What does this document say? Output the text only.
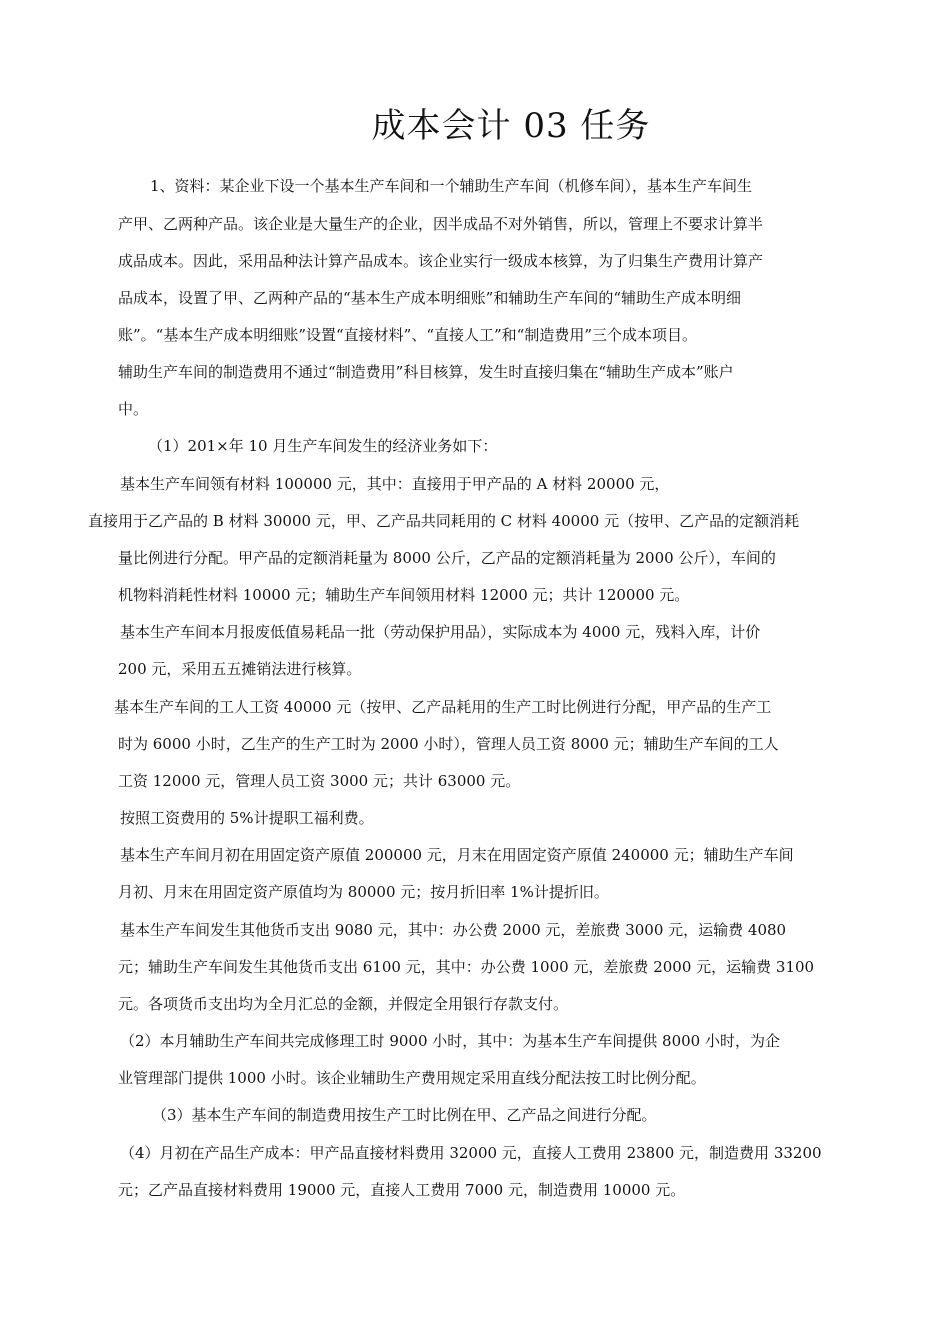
成本会计 03 任务

1、资料：某企业下设一个基本生产车间和一个辅助生产车间（机修车间），基本生产车间生

产甲、乙两种产品。该企业是大量生产的企业，因半成品不对外销售，所以，管理上不要求计算半

成品成本。因此，采用品种法计算产品成本。该企业实行一级成本核算，为了归集生产费用计算产

品成本，设置了甲、乙两种产品的“基本生产成本明细账”和辅助生产车间的“辅助生产成本明细

账”。“基本生产成本明细账”设置“直接材料”、“直接人工”和“制造费用”三个成本项目。

辅助生产车间的制造费用不通过“制造费用”科目核算，发生时直接归集在“辅助生产成本”账户

中。

（1）201×年 10 月生产车间发生的经济业务如下：

基本生产车间领有材料 100000 元，其中：直接用于甲产品的 A 材料 20000 元，

直接用于乙产品的 B 材料 30000 元，甲、乙产品共同耗用的 C 材料 40000 元（按甲、乙产品的定额消耗

量比例进行分配。甲产品的定额消耗量为 8000 公斤，乙产品的定额消耗量为 2000 公斤），车间的

机物料消耗性材料 10000 元；辅助生产车间领用材料 12000 元；共计 120000 元。

基本生产车间本月报废低值易耗品一批（劳动保护用品），实际成本为 4000 元，残料入库，计价

200 元，采用五五摊销法进行核算。

基本生产车间的工人工资 40000 元（按甲、乙产品耗用的生产工时比例进行分配，甲产品的生产工

时为 6000 小时，乙生产的生产工时为 2000 小时），管理人员工资 8000 元；辅助生产车间的工人

工资 12000 元，管理人员工资 3000 元；共计 63000 元。

按照工资费用的 5%计提职工福利费。

基本生产车间月初在用固定资产原值 200000 元，月末在用固定资产原值 240000 元；辅助生产车间

月初、月末在用固定资产原值均为 80000 元；按月折旧率 1%计提折旧。

基本生产车间发生其他货币支出 9080 元，其中：办公费 2000 元，差旅费 3000 元，运输费 4080

元；辅助生产车间发生其他货币支出 6100 元，其中：办公费 1000 元，差旅费 2000 元，运输费 3100

元。各项货币支出均为全月汇总的金额，并假定全用银行存款支付。

（2）本月辅助生产车间共完成修理工时 9000 小时，其中：为基本生产车间提供 8000 小时，为企

业管理部门提供 1000 小时。该企业辅助生产费用规定采用直线分配法按工时比例分配。

（3）基本生产车间的制造费用按生产工时比例在甲、乙产品之间进行分配。

（4）月初在产品生产成本：甲产品直接材料费用 32000 元，直接人工费用 23800 元，制造费用 33200

元；乙产品直接材料费用 19000 元，直接人工费用 7000 元，制造费用 10000 元。
